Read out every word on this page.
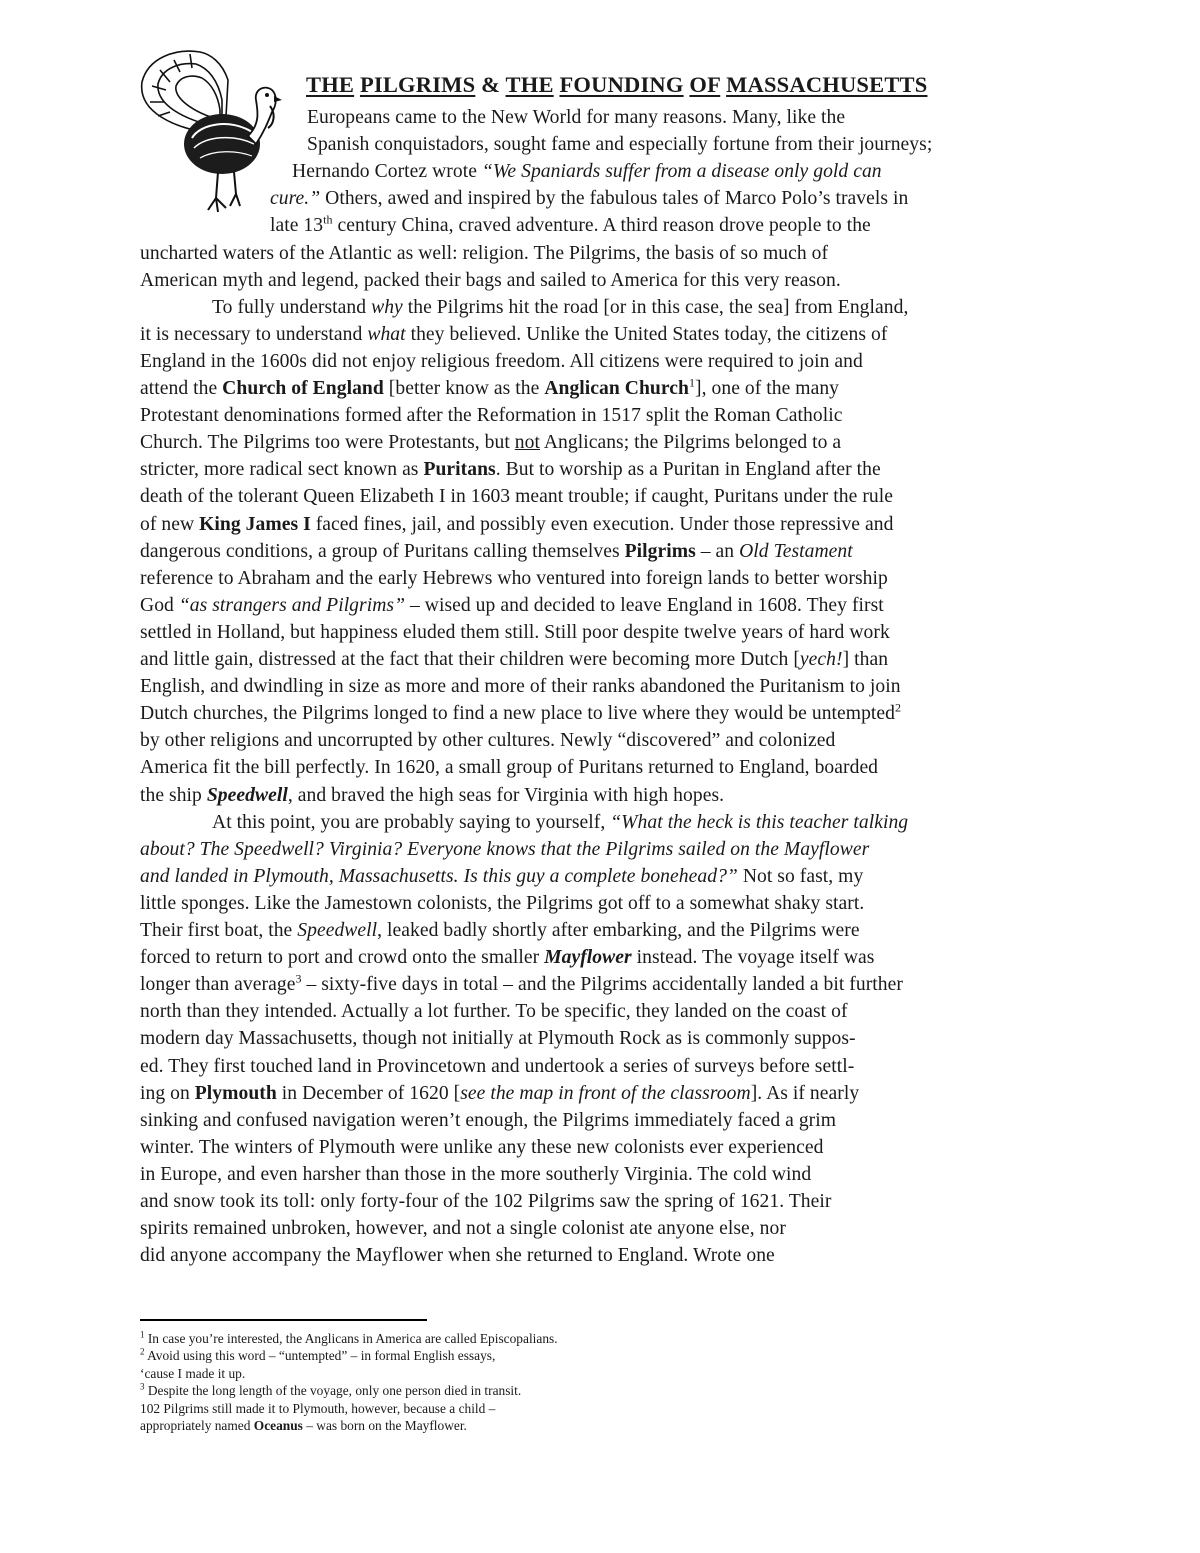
THE PILGRIMS & THE FOUNDING OF MASSACHUSETTS
Europeans came to the New World for many reasons. Many, like the
Spanish conquistadors, sought fame and especially fortune from their journeys;
Hernando Cortez wrote “We Spaniards suffer from a disease only gold can
cure.” Others, awed and inspired by the fabulous tales of Marco Polo’s travels in
late 13th century China, craved adventure. A third reason drove people to the
uncharted waters of the Atlantic as well: religion. The Pilgrims, the basis of so much of
American myth and legend, packed their bags and sailed to America for this very reason.
To fully understand why the Pilgrims hit the road [or in this case, the sea] from England,
it is necessary to understand what they believed. Unlike the United States today, the citizens of
England in the 1600s did not enjoy religious freedom. All citizens were required to join and
attend the Church of England [better know as the Anglican Church$^1$], one of the many
Protestant denominations formed after the Reformation in 1517 split the Roman Catholic
Church. The Pilgrims too were Protestants, but not Anglicans; the Pilgrims belonged to a
stricter, more radical sect known as Puritans. But to worship as a Puritan in England after the
death of the tolerant Queen Elizabeth I in 1603 meant trouble; if caught, Puritans under the rule
of new King James I faced fines, jail, and possibly even execution. Under those repressive and
dangerous conditions, a group of Puritans calling themselves Pilgrims – an Old Testament
reference to Abraham and the early Hebrews who ventured into foreign lands to better worship
God “as strangers and Pilgrims” – wised up and decided to leave England in 1608. They first
settled in Holland, but happiness eluded them still. Still poor despite twelve years of hard work
and little gain, distressed at the fact that their children were becoming more Dutch [yech!] than
English, and dwindling in size as more and more of their ranks abandoned the Puritanism to join
Dutch churches, the Pilgrims longed to find a new place to live where they would be untempted$^2$
by other religions and uncorrupted by other cultures. Newly “discovered” and colonized
America fit the bill perfectly. In 1620, a small group of Puritans returned to England, boarded
the ship Speedwell, and braved the high seas for Virginia with high hopes.
At this point, you are probably saying to yourself, “What the heck is this teacher talking
about? The Speedwell? Virginia? Everyone knows that the Pilgrims sailed on the Mayflower
and landed in Plymouth, Massachusetts. Is this guy a complete bonehead?” Not so fast, my
little sponges. Like the Jamestown colonists, the Pilgrims got off to a somewhat shaky start.
Their first boat, the Speedwell, leaked badly shortly after embarking, and the Pilgrims were
forced to return to port and crowd onto the smaller Mayflower instead. The voyage itself was
longer than average$^3$ – sixty-five days in total – and the Pilgrims accidentally landed a bit further
north than they intended. Actually a lot further. To be specific, they landed on the coast of
modern day Massachusetts, though not initially at Plymouth Rock as is commonly suppos-
ed. They first touched land in Provincetown and undertook a series of surveys before settl-
ing on Plymouth in December of 1620 [see the map in front of the classroom]. As if nearly
sinking and confused navigation weren’t enough, the Pilgrims immediately faced a grim
winter. The winters of Plymouth were unlike any these new colonists ever experienced
in Europe, and even harsher than those in the more southerly Virginia. The cold wind
and snow took its toll: only forty-four of the 102 Pilgrims saw the spring of 1621. Their
spirits remained unbroken, however, and not a single colonist ate anyone else, nor
did anyone accompany the Mayflower when she returned to England. Wrote one
$^1$ In case you’re interested, the Anglicans in America are called Episcopalians.
$^2$ Avoid using this word – “untempted” – in formal English essays,
‘cause I made it up.
$^3$ Despite the long length of the voyage, only one person died in transit.
102 Pilgrims still made it to Plymouth, however, because a child –
appropriately named Oceanus – was born on the Mayflower.
